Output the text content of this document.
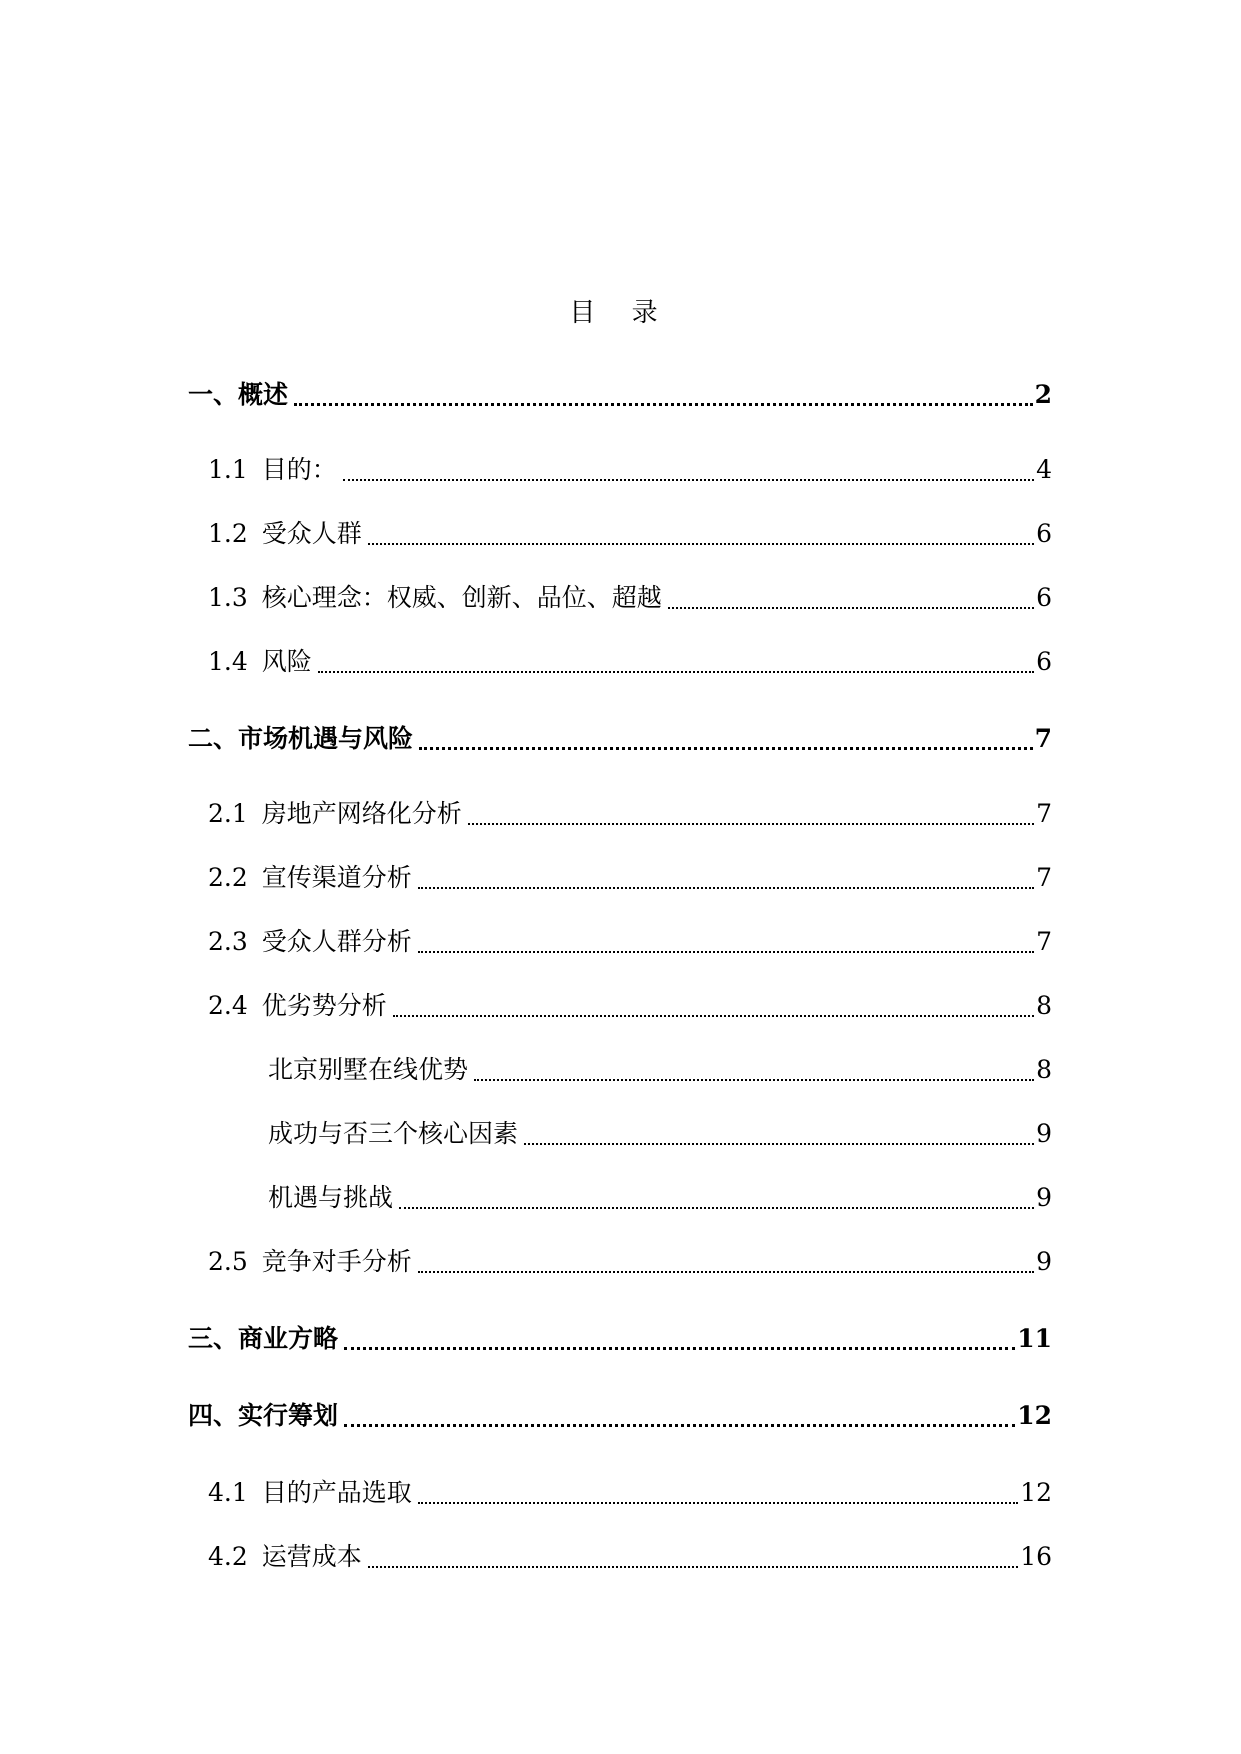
目 录
一、 概述	2
1.1 目的：	4
1.2 受众人群	6
1.3 核心理念：权威、创新、品位、超越	6
1.4 风险	6
二、 市场机遇与风险	7
2.1 房地产网络化分析	7
2.2 宣传渠道分析	7
2.3 受众人群分析	7
2.4 优劣势分析	8
北京别墅在线优势	8
成功与否三个核心因素	9
机遇与挑战	9
2.5 竞争对手分析	9
三、 商业方略	11
四、 实行筹划	12
4.1 目的产品选取	12
4.2 运营成本	16
